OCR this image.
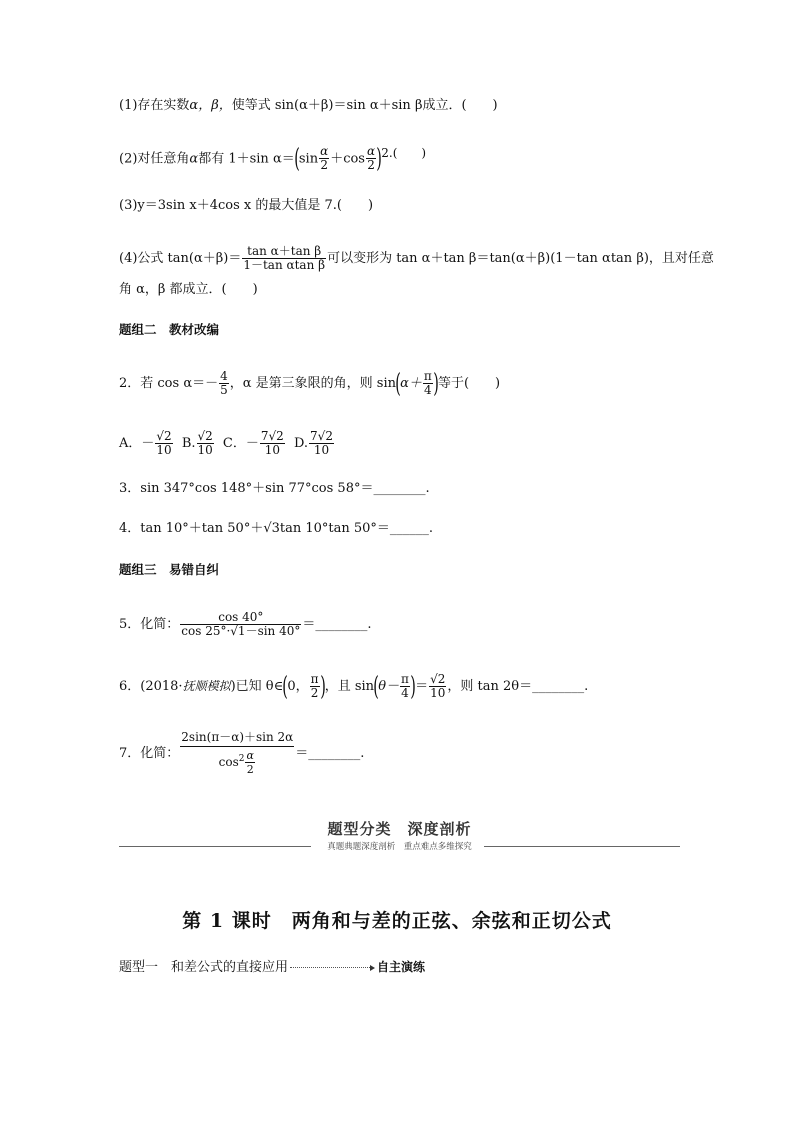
(1)存在实数α，β，使等式 sin(α＋β)＝sin α＋sin β成立．(　　)
(2)对任意角α都有 1＋sin $\alpha=(\sin \frac{\alpha}{2} +\cos \frac{\alpha}{2} )^{2.( )}$
(3)y＝3sin x＋4cos x 的最大值是 7.(　　)
(4)公式 $\tan(\alpha+\beta)= \frac{\text{tan α＋tan β}}{\text{1－tan αtan β}}$ 可以变形为 tan α＋tan β＝tan(α＋β)(1－tan αtan β)，且对任意
角 α，β 都成立．(　　)
题组二　教材改编
2．若 $\cos \alpha=- \frac{4}{5}$ ，α 是第三象限的角，则 $\sin(\alpha+ \frac{\pi}{4}$ )等于(　　)
A．－ $\frac{√2}{10} B$. $\frac{√2}{10}$ C．－ $\frac{7√2}{10} D$. $\frac{7√2}{10}$
3．sin 347°cos 148°＋sin 77°cos 58°＝________.
4．tan 10°＋tan 50°＋√3tan 10°tan 50°＝______.
题组三　易错自纠
5．化简： $\frac{\cos 40^\circ}{\cos 25^\circ\cdot√1-\sin 40^\circ}$ ＝________.
6．(2018·抚顺模拟)已知 θ∈(0， $\frac{\pi}{2}$ )，且 $\sin(\theta- \frac{\pi}{4}$ )＝ $\frac{√2}{10}$ ，则 tan 2θ＝________.
7．化简： $\frac{2\sin(\pi-\alpha)+\sin 2\alpha}{\cos^2 \frac{\alpha}{2}}$ ＝________.
题型分类　深度剖析
真题典题深度剖析　重点难点多维探究
第 1 课时　两角和与差的正弦、余弦和正切公式
题型一　和差公式的直接应用	自主演练
